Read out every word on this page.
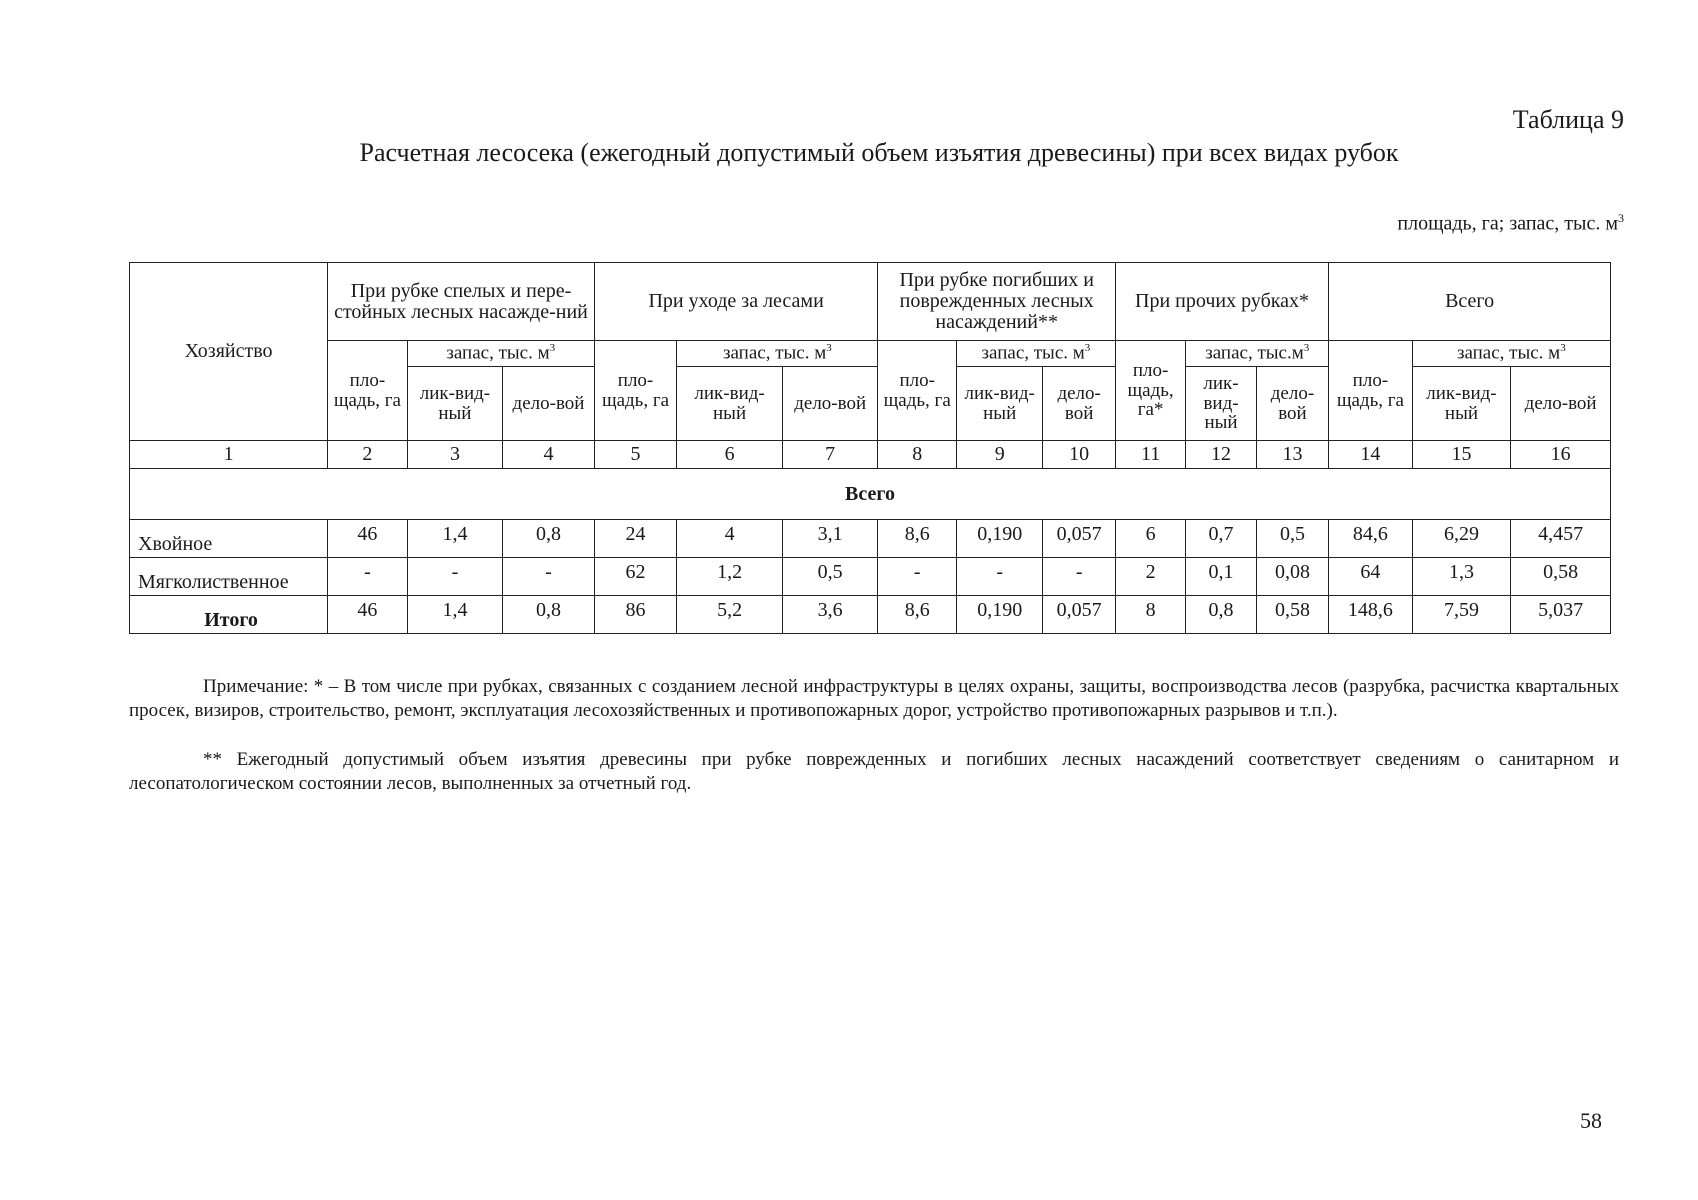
Таблица 9
Расчетная лесосека (ежегодный допустимый объем изъятия древесины) при всех видах рубок
площадь, га; запас, тыс. $м^3$
Хозяйство	При рубке спелых и пере-стойных лесных насажде-ний			При уходе за лесами			При рубке погибших и поврежденных лесных насаждений**			При прочих рубках*			Всего		
	пло-щадь, га	запас, тыс. $м^3$		пло-щадь, га	запас, тыс. $м^3$		пло-щадь, га	запас, тыс. $м^3$		пло-щадь, га*	запас, $тыс.м^3$		пло-щадь, га	запас, тыс. $м^3$
		лик-вид-ный	дело-вой		лик-вид-ный	дело-вой		лик-вид-ный	дело-вой		лик-вид-ный	дело-вой		лик-вид-ный	дело-вой
1	2	3	4	5	6	7	8	9	10	11	12	13	14	15	16
Всего															
Хвойное	46	1,4	0,8	24	4	3,1	8,6	0,190	0,057	6	0,7	0,5	84,6	6,29	4,457
Мягколиственное	-	-	-	62	1,2	0,5	-	-	-	2	0,1	0,08	64	1,3	0,58
Итого	46	1,4	0,8	86	5,2	3,6	8,6	0,190	0,057	8	0,8	0,58	148,6	7,59	5,037
Примечание: * – В том числе при рубках, связанных с созданием лесной инфраструктуры в целях охраны, защиты, воспроизводства лесов (разрубка, расчистка квартальных просек, визиров, строительство, ремонт, эксплуатация лесохозяйственных и противопожарных дорог, устройство противопожарных разрывов и т.п.).
** Ежегодный допустимый объем изъятия древесины при рубке поврежденных и погибших лесных насаждений соответствует сведениям о санитарном и лесопатологическом состоянии лесов, выполненных за отчетный год.
58
